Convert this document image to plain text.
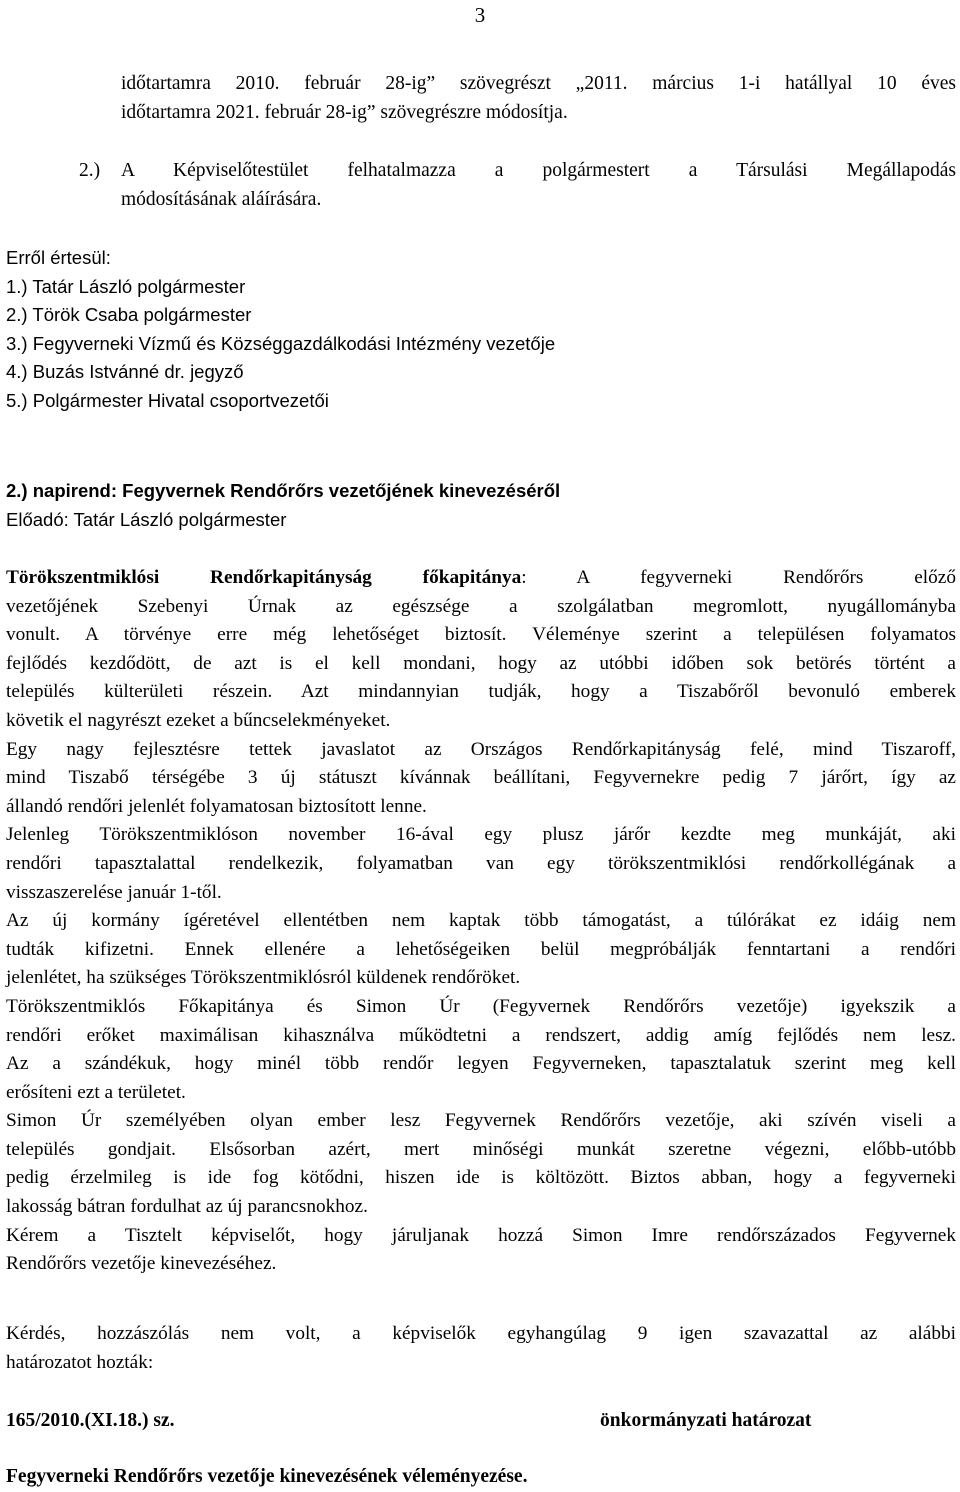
3
időtartamra 2010. február 28-ig” szövegrészt „2011. március 1-i hatállyal 10 éves
időtartamra 2021. február 28-ig” szövegrészre módosítja.
2.) A Képviselőtestület felhatalmazza a polgármestert a Társulási Megállapodás
módosításának aláírására.
Erről értesül:
1.) Tatár László polgármester
2.) Török Csaba polgármester
3.) Fegyverneki Vízmű és Községgazdálkodási Intézmény vezetője
4.) Buzás Istvánné dr. jegyző
5.) Polgármester Hivatal csoportvezetői
2.) napirend: Fegyvernek Rendőrőrs vezetőjének kinevezéséről
Előadó: Tatár László polgármester
Törökszentmiklósi Rendőrkapitányság főkapitánya: A fegyverneki Rendőrőrs előző
vezetőjének Szebenyi Úrnak az egészsége a szolgálatban megromlott, nyugállományba
vonult. A törvénye erre még lehetőséget biztosít. Véleménye szerint a településen folyamatos
fejlődés kezdődött, de azt is el kell mondani, hogy az utóbbi időben sok betörés történt a
település külterületi részein. Azt mindannyian tudják, hogy a Tiszabőről bevonuló emberek
követik el nagyrészt ezeket a bűncselekményeket.
Egy nagy fejlesztésre tettek javaslatot az Országos Rendőrkapitányság felé, mind Tiszaroff,
mind Tiszabő térségébe 3 új státuszt kívánnak beállítani, Fegyvernekre pedig 7 járőrt, így az
állandó rendőri jelenlét folyamatosan biztosított lenne.
Jelenleg Törökszentmiklóson november 16-ával egy plusz járőr kezdte meg munkáját, aki
rendőri tapasztalattal rendelkezik, folyamatban van egy törökszentmiklósi rendőrkollégának a
visszaszerelése január 1-től.
Az új kormány ígéretével ellentétben nem kaptak több támogatást, a túlórákat ez idáig nem
tudták kifizetni. Ennek ellenére a lehetőségeiken belül megpróbálják fenntartani a rendőri
jelenlétet, ha szükséges Törökszentmiklósról küldenek rendőröket.
Törökszentmiklós Főkapitánya és Simon Úr (Fegyvernek Rendőrőrs vezetője) igyekszik a
rendőri erőket maximálisan kihasználva működtetni a rendszert, addig amíg fejlődés nem lesz.
Az a szándékuk, hogy minél több rendőr legyen Fegyverneken, tapasztalatuk szerint meg kell
erősíteni ezt a területet.
Simon Úr személyében olyan ember lesz Fegyvernek Rendőrőrs vezetője, aki szívén viseli a
település gondjait. Elsősorban azért, mert minőségi munkát szeretne végezni, előbb-utóbb
pedig érzelmileg is ide fog kötődni, hiszen ide is költözött. Biztos abban, hogy a fegyverneki
lakosság bátran fordulhat az új parancsnokhoz.
Kérem a Tisztelt képviselőt, hogy járuljanak hozzá Simon Imre rendőrszázados Fegyvernek
Rendőrőrs vezetője kinevezéséhez.
Kérdés, hozzászólás nem volt, a képviselők egyhangúlag 9 igen szavazattal az alábbi
határozatot hozták:
165/2010.(XI.18.) sz.	önkormányzati határozat
Fegyverneki Rendőrőrs vezetője kinevezésének véleményezése.
